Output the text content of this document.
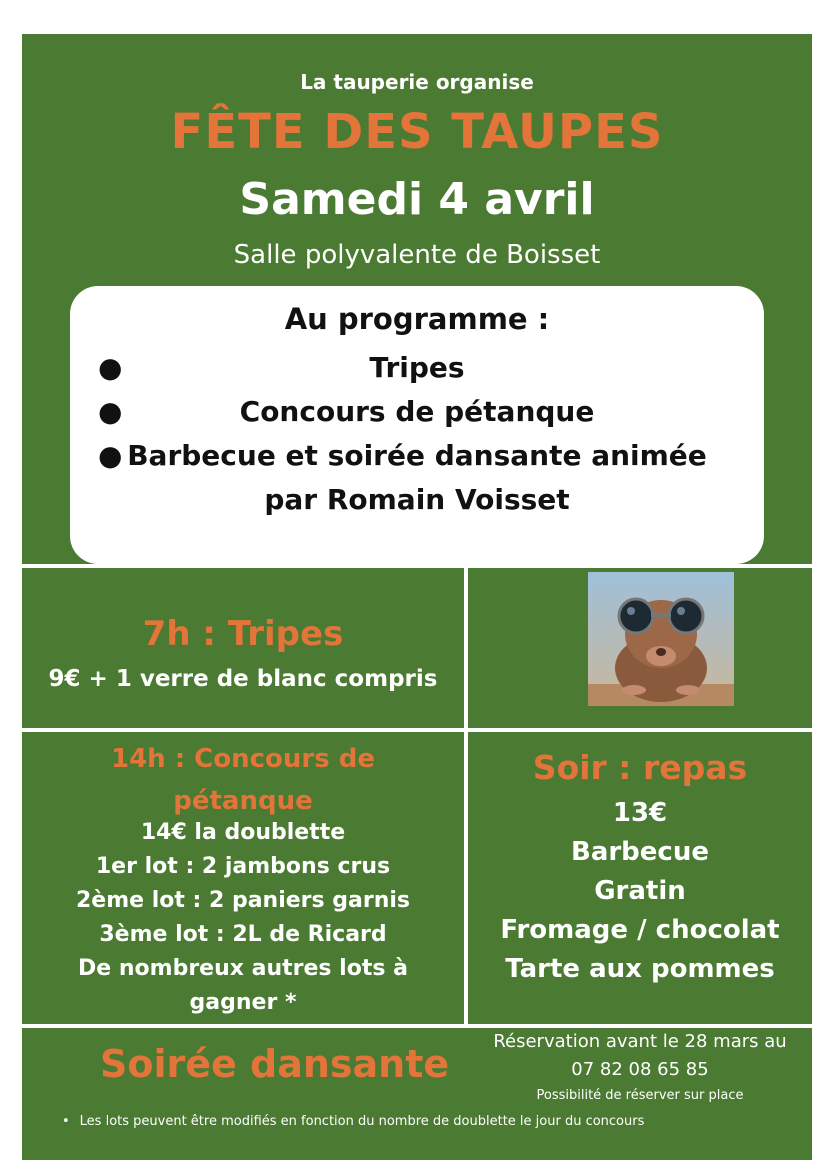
La tauperie organise
FÊTE DES TAUPES
Samedi 4 avril
Salle polyvalente de Boisset
Au programme :
●	Tripes
●	Concours de pétanque
● Barbecue et soirée dansante animée
par Romain Voisset
7h : Tripes
9€ + 1 verre de blanc compris
14h : Concours de
pétanque
14€ la doublette
1er lot : 2 jambons crus
2ème lot : 2 paniers garnis
3ème lot : 2L de Ricard
De nombreux autres lots à
gagner *
Soir : repas
13€
Barbecue
Gratin
Fromage / chocolat
Tarte aux pommes
Soirée dansante
Réservation avant le 28 mars au
07 82 08 65 85
Possibilité de réserver sur place
• Les lots peuvent être modifiés en fonction du nombre de doublette le jour du concours
